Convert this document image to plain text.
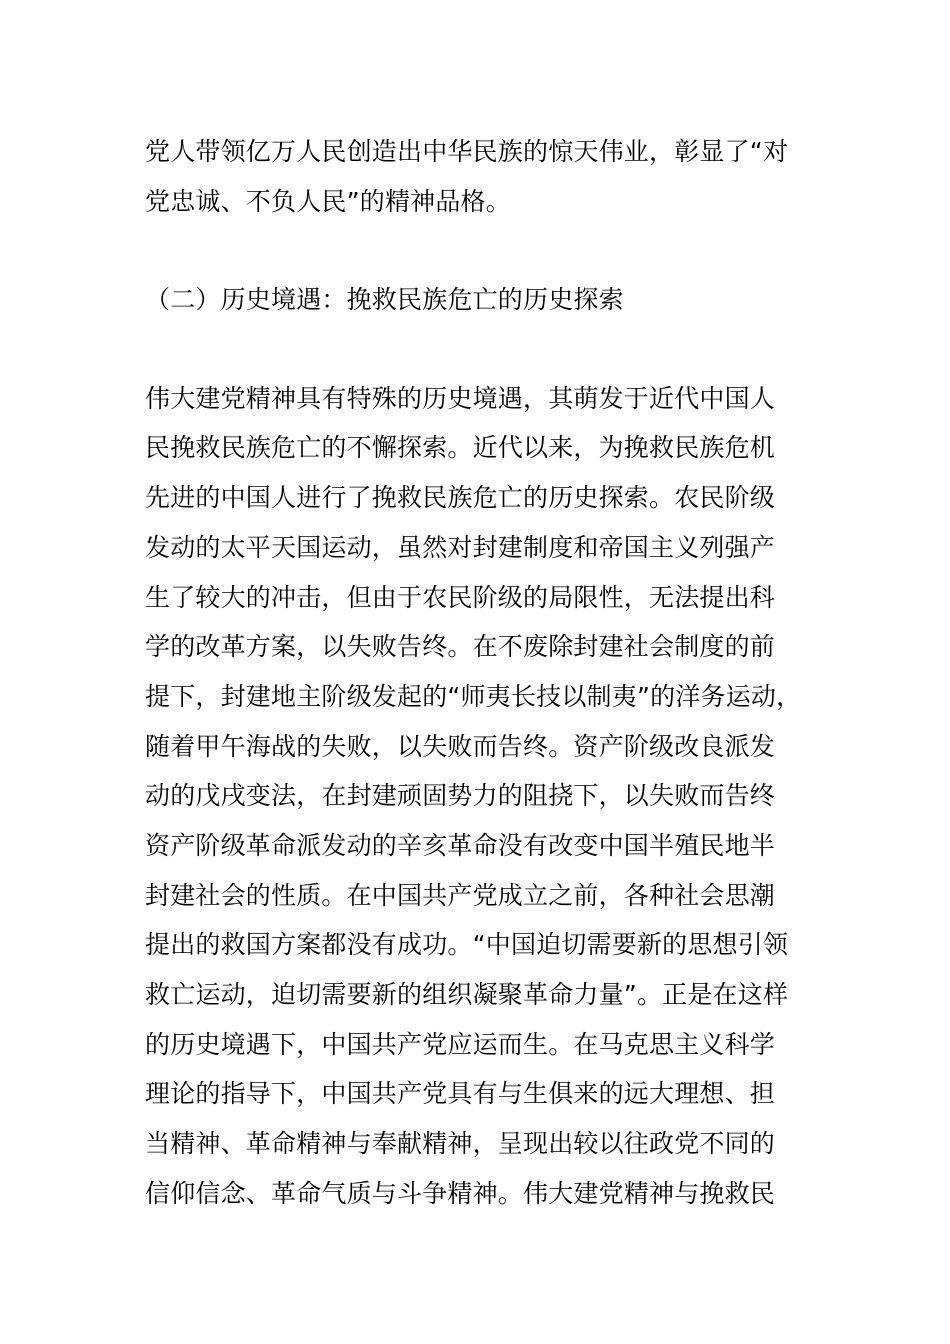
党人带领亿万人民创造出中华民族的惊天伟业，彰显了“对
党忠诚、不负人民”的精神品格。
（二）历史境遇：挽救民族危亡的历史探索
伟大建党精神具有特殊的历史境遇，其萌发于近代中国人
民挽救民族危亡的不懈探索。近代以来，为挽救民族危机
先进的中国人进行了挽救民族危亡的历史探索。农民阶级
发动的太平天国运动，虽然对封建制度和帝国主义列强产
生了较大的冲击，但由于农民阶级的局限性，无法提出科
学的改革方案，以失败告终。在不废除封建社会制度的前
提下，封建地主阶级发起的“师夷长技以制夷”的洋务运动，
随着甲午海战的失败，以失败而告终。资产阶级改良派发
动的戊戌变法，在封建顽固势力的阻挠下，以失败而告终
资产阶级革命派发动的辛亥革命没有改变中国半殖民地半
封建社会的性质。在中国共产党成立之前，各种社会思潮
提出的救国方案都没有成功。“中国迫切需要新的思想引领
救亡运动，迫切需要新的组织凝聚革命力量”。正是在这样
的历史境遇下，中国共产党应运而生。在马克思主义科学
理论的指导下，中国共产党具有与生俱来的远大理想、担
当精神、革命精神与奉献精神，呈现出较以往政党不同的
信仰信念、革命气质与斗争精神。伟大建党精神与挽救民
